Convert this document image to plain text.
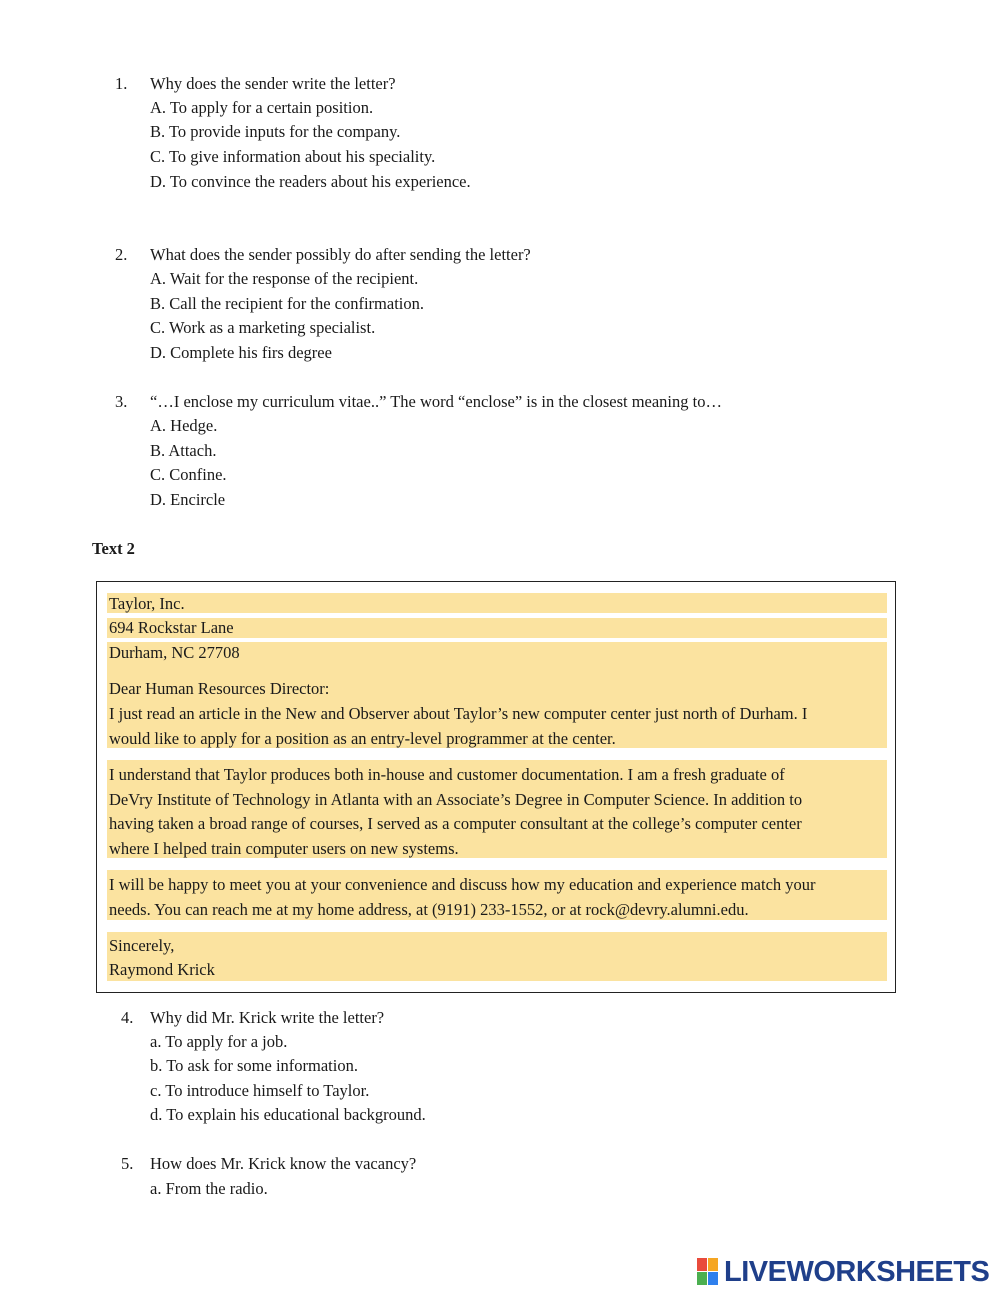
1. Why does the sender write the letter?
A. To apply for a certain position.
B. To provide inputs for the company.
C. To give information about his speciality.
D. To convince the readers about his experience.
2. What does the sender possibly do after sending the letter?
A. Wait for the response of the recipient.
B. Call the recipient for the confirmation.
C. Work as a marketing specialist.
D. Complete his firs degree
3. “…I enclose my curriculum vitae..” The word “enclose” is in the closest meaning to…
A. Hedge.
B. Attach.
C. Confine.
D. Encircle
Text 2
Taylor, Inc.
694 Rockstar Lane
Durham, NC 27708
Dear Human Resources Director:
I just read an article in the New and Observer about Taylor’s new computer center just north of Durham. I
would like to apply for a position as an entry-level programmer at the center.
I understand that Taylor produces both in-house and customer documentation. I am a fresh graduate of
DeVry Institute of Technology in Atlanta with an Associate’s Degree in Computer Science. In addition to
having taken a broad range of courses, I served as a computer consultant at the college’s computer center
where I helped train computer users on new systems.
I will be happy to meet you at your convenience and discuss how my education and experience match your
needs. You can reach me at my home address, at (9191) 233-1552, or at rock@devry.alumni.edu.
Sincerely,
Raymond Krick
4. Why did Mr. Krick write the letter?
a. To apply for a job.
b. To ask for some information.
c. To introduce himself to Taylor.
d. To explain his educational background.
5. How does Mr. Krick know the vacancy?
a. From the radio.
LIVEWORKSHEETS
